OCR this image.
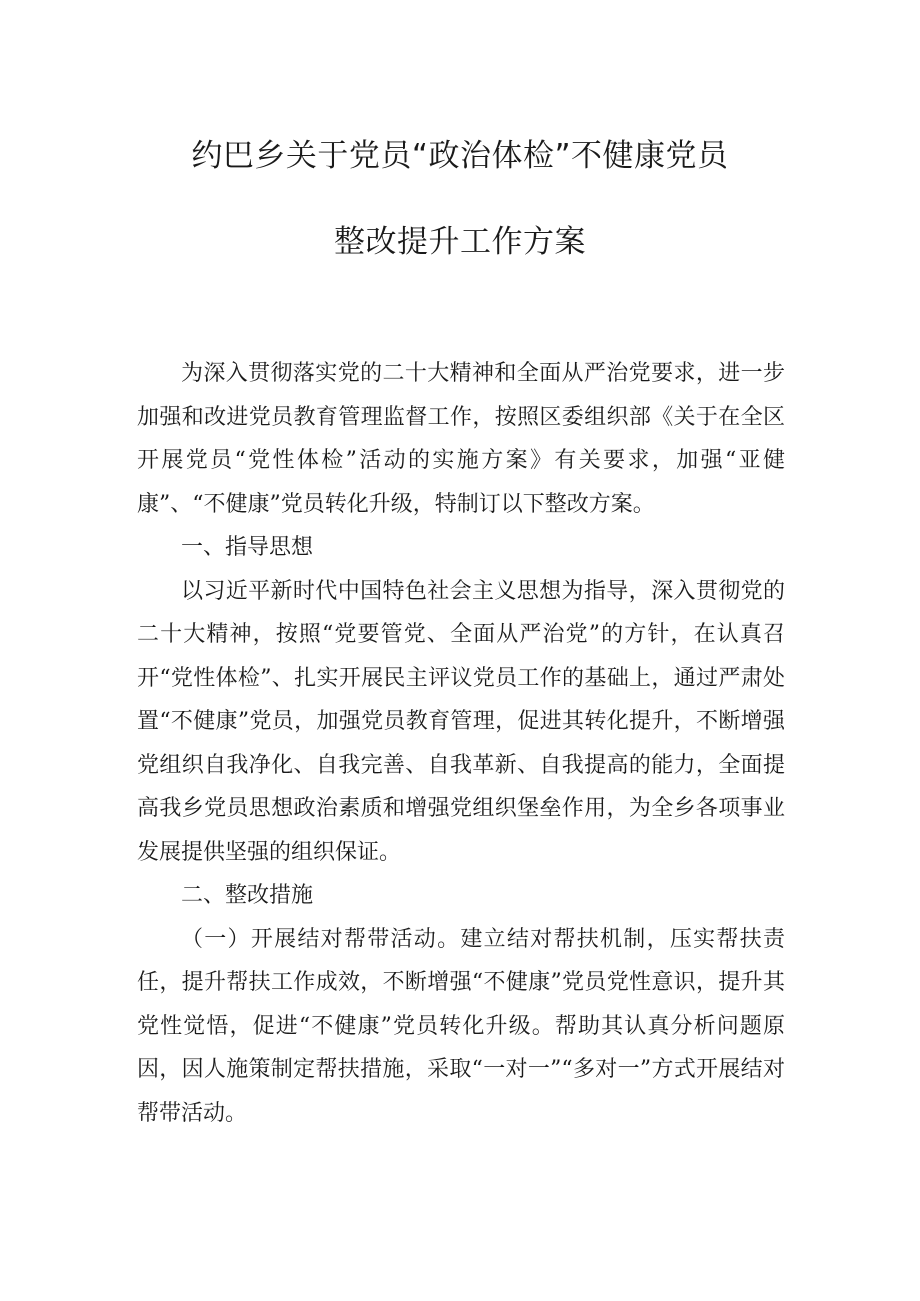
约巴乡关于党员“政治体检”不健康党员
整改提升工作方案

为深入贯彻落实党的二十大精神和全面从严治党要求，进一步加强和改进党员教育管理监督工作，按照区委组织部《关于在全区开展党员“党性体检”活动的实施方案》有关要求，加强“亚健康”、“不健康”党员转化升级，特制订以下整改方案。

一、指导思想

以习近平新时代中国特色社会主义思想为指导，深入贯彻党的二十大精神，按照“党要管党、全面从严治党”的方针，在认真召开“党性体检”、扎实开展民主评议党员工作的基础上，通过严肃处置“不健康”党员，加强党员教育管理，促进其转化提升，不断增强党组织自我净化、自我完善、自我革新、自我提高的能力，全面提高我乡党员思想政治素质和增强党组织堡垒作用，为全乡各项事业发展提供坚强的组织保证。

二、整改措施

（一）开展结对帮带活动。建立结对帮扶机制，压实帮扶责任，提升帮扶工作成效，不断增强“不健康”党员党性意识，提升其党性觉悟，促进“不健康”党员转化升级。帮助其认真分析问题原因，因人施策制定帮扶措施，采取“一对一”“多对一”方式开展结对帮带活动。
